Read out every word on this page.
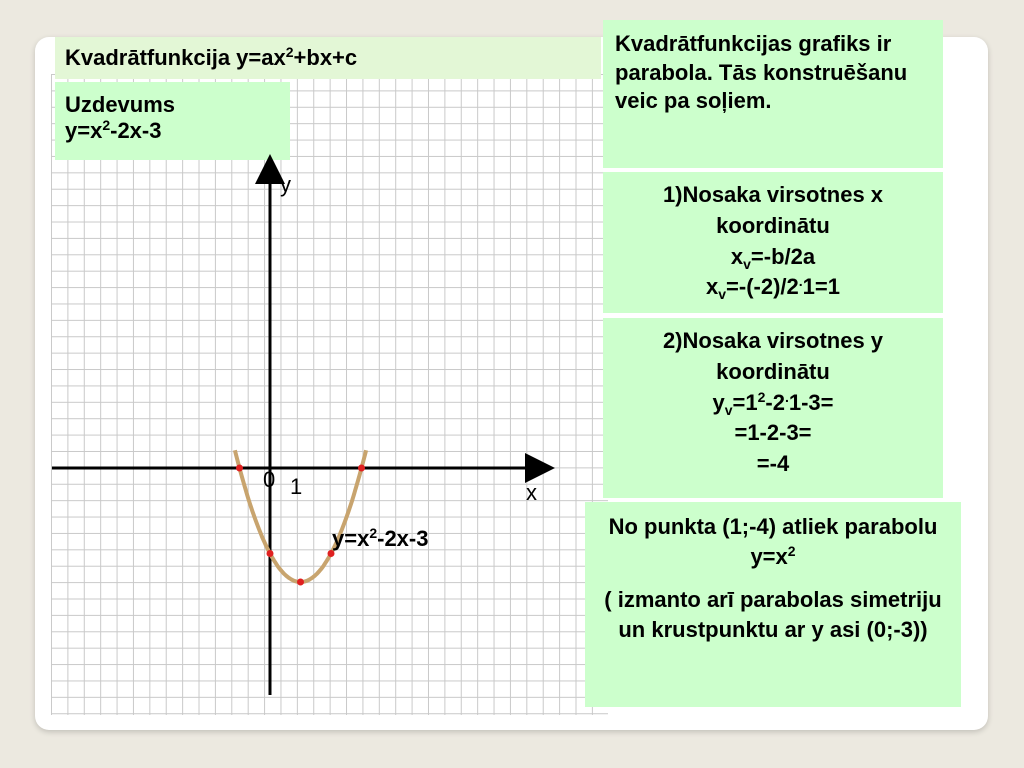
Kvadrātfunkcija $y=ax^2+bx+c$
Uzdevums
$y=x^2-2x-3$
Kvadrātfunkcijas grafiks ir parabola. Tās konstruēšanu veic pa soļiem.
1)Nosaka virsotnes x
koordinātu
$x_v=-b/2a$
$x_v=-(-2)/2^.1=1$
2)Nosaka virsotnes y
koordinātu
$y_v=1^2-2^.1-3=$
=1-2-3=
=-4

No punkta (1;-4) atliek parabolu $y=x^2$

( izmanto arī parabolas simetriju un krustpunktu ar y asi (0;-3))

y
x
0 1
$y=x^2-2x-3$
